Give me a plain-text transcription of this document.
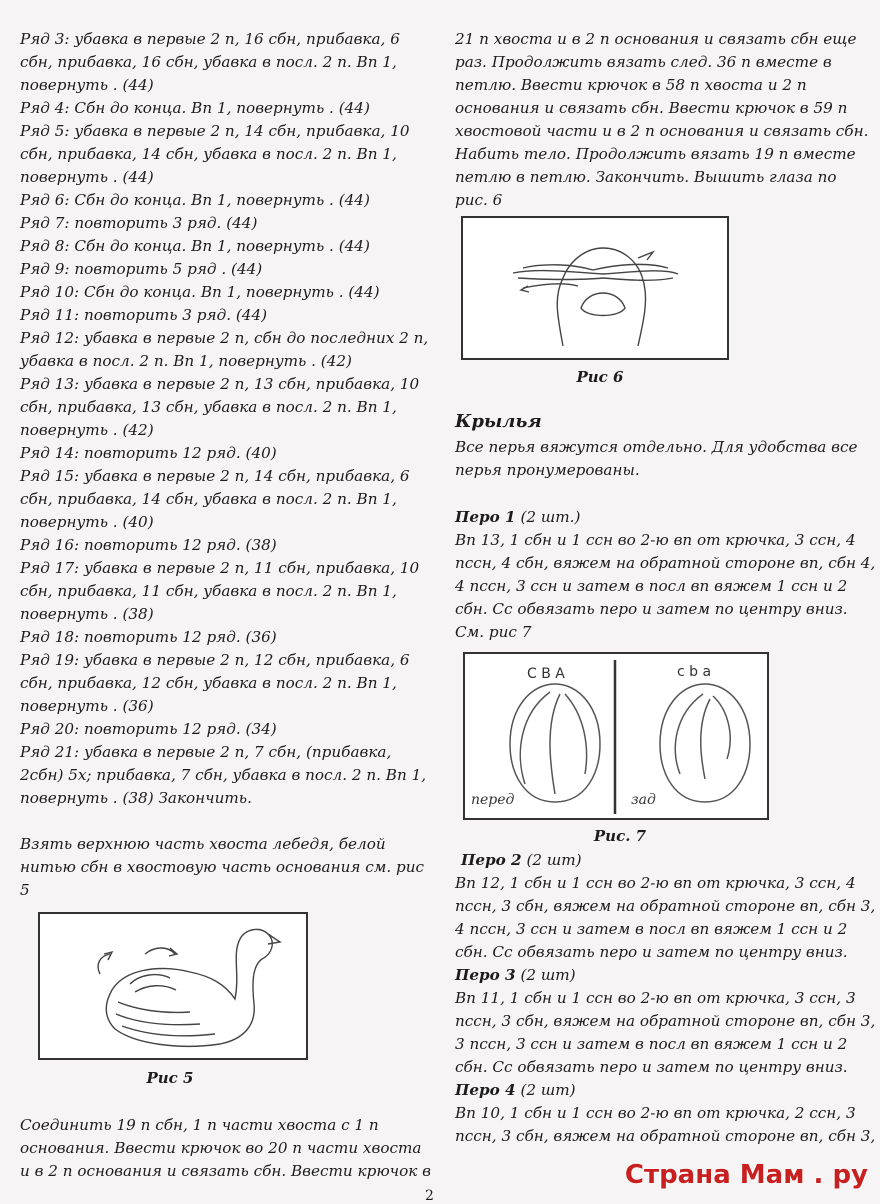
Ряд 3: убавка в первые 2 п, 16 сбн, прибавка, 6
сбн, прибавка, 16 сбн, убавка в посл. 2 п. Вп 1,
повернуть . (44)
Ряд 4: Сбн до конца. Вп 1, повернуть . (44)
Ряд 5: убавка в первые 2 п, 14 сбн, прибавка, 10
сбн, прибавка, 14 сбн, убавка в посл. 2 п. Вп 1,
повернуть . (44)
Ряд 6: Сбн до конца. Вп 1, повернуть . (44)
Ряд 7: повторить 3 ряд. (44)
Ряд 8: Сбн до конца. Вп 1, повернуть . (44)
Ряд 9: повторить 5 ряд . (44)
Ряд 10: Сбн до конца. Вп 1, повернуть . (44)
Ряд 11: повторить 3 ряд. (44)
Ряд 12: убавка в первые 2 п, сбн до последних 2 п,
убавка в посл. 2 п. Вп 1, повернуть . (42)
Ряд 13: убавка в первые 2 п, 13 сбн, прибавка, 10
сбн, прибавка, 13 сбн, убавка в посл. 2 п. Вп 1,
повернуть . (42)
Ряд 14: повторить 12 ряд. (40)
Ряд 15: убавка в первые 2 п, 14 сбн, прибавка, 6
сбн, прибавка, 14 сбн, убавка в посл. 2 п. Вп 1,
повернуть . (40)
Ряд 16: повторить 12 ряд. (38)
Ряд 17: убавка в первые 2 п, 11 сбн, прибавка, 10
сбн, прибавка, 11 сбн, убавка в посл. 2 п. Вп 1,
повернуть . (38)
Ряд 18: повторить 12 ряд. (36)
Ряд 19: убавка в первые 2 п, 12 сбн, прибавка, 6
сбн, прибавка, 12 сбн, убавка в посл. 2 п. Вп 1,
повернуть . (36)
Ряд 20: повторить 12 ряд. (34)
Ряд 21: убавка в первые 2 п, 7 сбн, (прибавка,
2сбн) 5х; прибавка, 7 сбн, убавка в посл. 2 п. Вп 1,
повернуть . (38) Закончить.
Взять верхнюю часть хвоста лебедя, белой
нитью сбн в хвостовую часть основания см. рис
5
Рис 5
Соединить 19 п сбн, 1 п части хвоста с 1 п
основания. Ввести крючок во 20 п части хвоста
и в 2 п основания и связать сбн. Ввести крючок в
21 п хвоста и в 2 п основания и связать сбн еще
раз. Продолжить вязать след. 36 п вместе в
петлю. Ввести крючок в 58 п хвоста и 2 п
основания и связать сбн. Ввести крючок в 59 п
хвостовой части и в 2 п основания и связать сбн.
Набить тело. Продолжить вязать 19 п вместе
петлю в петлю. Закончить. Вышить глаза по
рис. 6
Рис 6
Крылья
Все перья вяжутся отдельно. Для удобства все
перья пронумерованы.
Перо 1 (2 шт.)
Вп 13, 1 сбн и 1 ссн во 2-ю вп от крючка, 3 ссн, 4
пссн, 4 сбн, вяжем на обратной стороне вп, сбн 4,
4 пссн, 3 ссн и затем в посл вп вяжем 1 ссн и 2
сбн. Сс обвязать перо и затем по центру вниз.
См. рис 7
C B A	c b a
перед	зад
Рис. 7
Перо 2 (2 шт)
Вп 12, 1 сбн и 1 ссн во 2-ю вп от крючка, 3 ссн, 4
пссн, 3 сбн, вяжем на обратной стороне вп, сбн 3,
4 пссн, 3 ссн и затем в посл вп вяжем 1 ссн и 2
сбн. Сс обвязать перо и затем по центру вниз.
Перо 3 (2 шт)
Вп 11, 1 сбн и 1 ссн во 2-ю вп от крючка, 3 ссн, 3
пссн, 3 сбн, вяжем на обратной стороне вп, сбн 3,
3 пссн, 3 ссн и затем в посл вп вяжем 1 ссн и 2
сбн. Сс обвязать перо и затем по центру вниз.
Перо 4 (2 шт)
Вп 10, 1 сбн и 1 ссн во 2-ю вп от крючка, 2 ссн, 3
пссн, 3 сбн, вяжем на обратной стороне вп, сбн 3,
Страна Мам . ру
2
